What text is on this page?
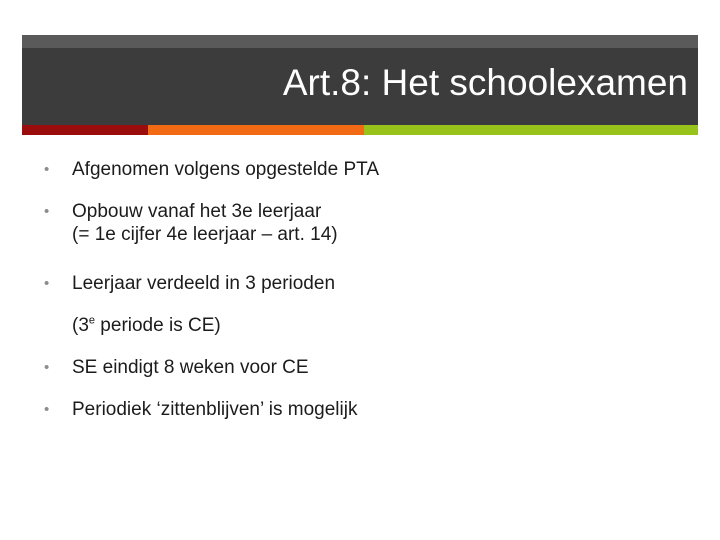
Art.8: Het schoolexamen
• Afgenomen volgens opgestelde PTA
• Opbouw vanaf het 3e leerjaar
(= 1e cijfer 4e leerjaar – art. 14)
• Leerjaar verdeeld in 3 perioden
(3e periode is CE)
• SE eindigt 8 weken voor CE
• Periodiek ‘zittenblijven’ is mogelijk
